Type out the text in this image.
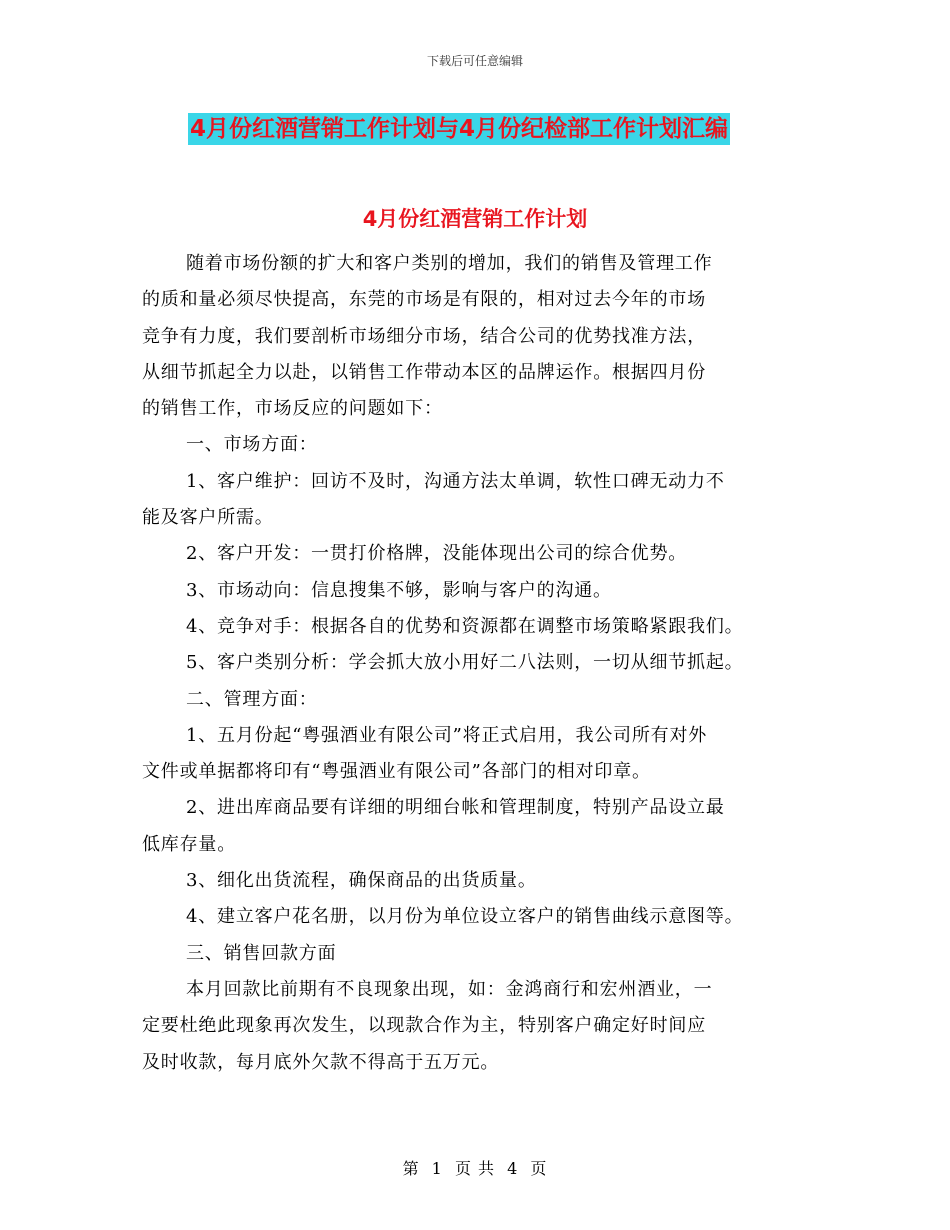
下载后可任意编辑
4月份红酒营销工作计划与4月份纪检部工作计划汇编
4月份红酒营销工作计划
随着市场份额的扩大和客户类别的增加，我们的销售及管理工作
的质和量必须尽快提高，东莞的市场是有限的，相对过去今年的市场
竞争有力度，我们要剖析市场细分市场，结合公司的优势找准方法，
从细节抓起全力以赴，以销售工作带动本区的品牌运作。根据四月份
的销售工作，市场反应的问题如下：
一、市场方面：
1、客户维护：回访不及时，沟通方法太单调，软性口碑无动力不
能及客户所需。
2、客户开发：一贯打价格牌，没能体现出公司的综合优势。
3、市场动向：信息搜集不够，影响与客户的沟通。
4、竞争对手：根据各自的优势和资源都在调整市场策略紧跟我们。
5、客户类别分析：学会抓大放小用好二八法则，一切从细节抓起。
二、管理方面：
1、五月份起“粤强酒业有限公司”将正式启用，我公司所有对外
文件或单据都将印有“粤强酒业有限公司”各部门的相对印章。
2、进出库商品要有详细的明细台帐和管理制度，特别产品设立最
低库存量。
3、细化出货流程，确保商品的出货质量。
4、建立客户花名册，以月份为单位设立客户的销售曲线示意图等。
三、销售回款方面
本月回款比前期有不良现象出现，如：金鸿商行和宏州酒业，一
定要杜绝此现象再次发生，以现款合作为主，特别客户确定好时间应
及时收款，每月底外欠款不得高于五万元。
第 1 页 共 4 页
